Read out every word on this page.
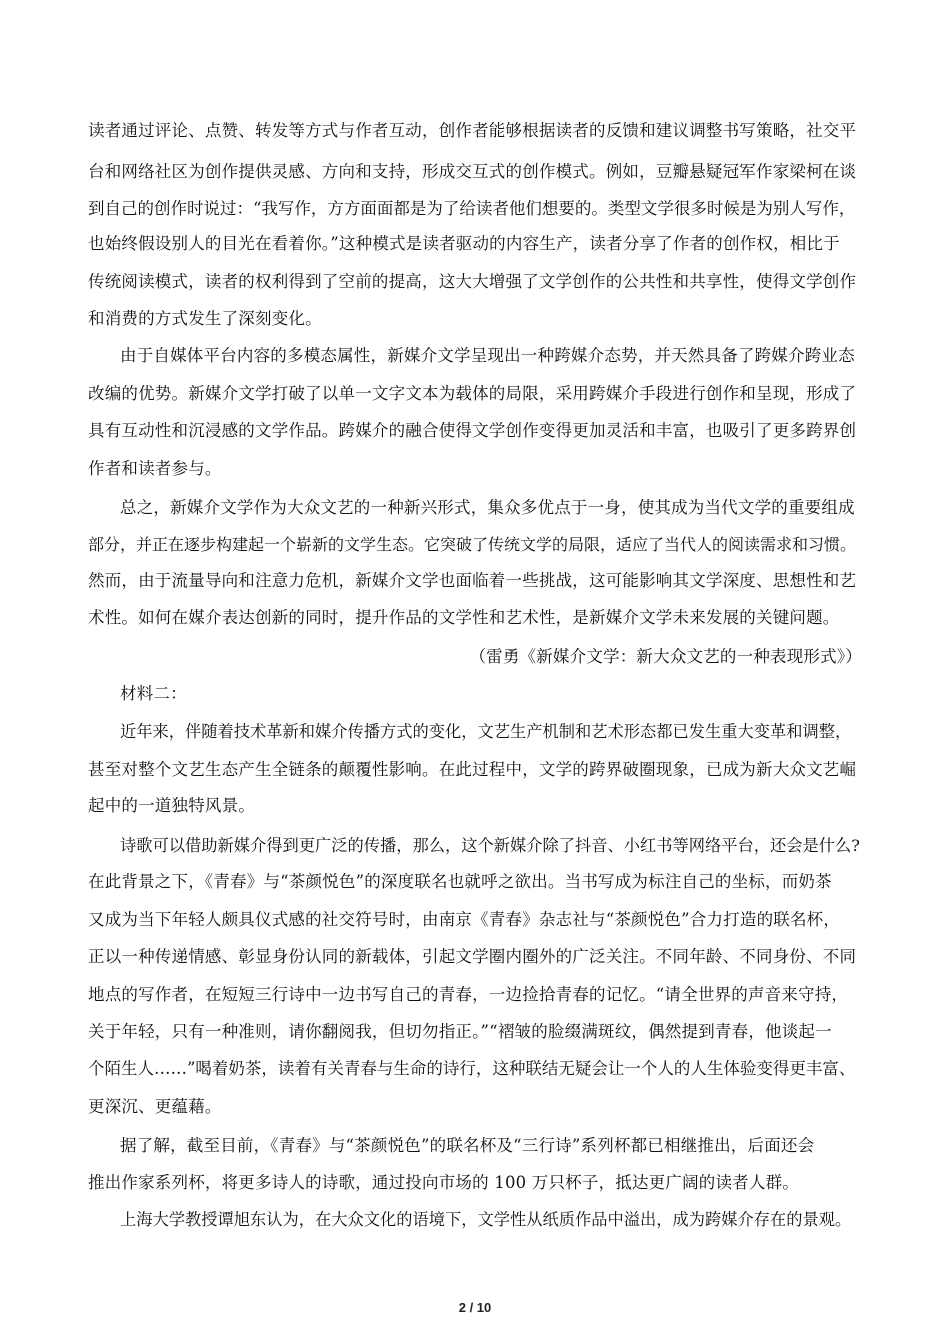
读者通过评论、点赞、转发等方式与作者互动，创作者能够根据读者的反馈和建议调整书写策略，社交平
台和网络社区为创作提供灵感、方向和支持，形成交互式的创作模式。例如，豆瓣悬疑冠军作家梁柯在谈
到自己的创作时说过：“我写作，方方面面都是为了给读者他们想要的。类型文学很多时候是为别人写作，
也始终假设别人的目光在看着你。”这种模式是读者驱动的内容生产，读者分享了作者的创作权，相比于
传统阅读模式，读者的权利得到了空前的提高，这大大增强了文学创作的公共性和共享性，使得文学创作
和消费的方式发生了深刻变化。
由于自媒体平台内容的多模态属性，新媒介文学呈现出一种跨媒介态势，并天然具备了跨媒介跨业态
改编的优势。新媒介文学打破了以单一文字文本为载体的局限，采用跨媒介手段进行创作和呈现，形成了
具有互动性和沉浸感的文学作品。跨媒介的融合使得文学创作变得更加灵活和丰富，也吸引了更多跨界创
作者和读者参与。
总之，新媒介文学作为大众文艺的一种新兴形式，集众多优点于一身，使其成为当代文学的重要组成
部分，并正在逐步构建起一个崭新的文学生态。它突破了传统文学的局限，适应了当代人的阅读需求和习惯。
然而，由于流量导向和注意力危机，新媒介文学也面临着一些挑战，这可能影响其文学深度、思想性和艺
术性。如何在媒介表达创新的同时，提升作品的文学性和艺术性，是新媒介文学未来发展的关键问题。
（雷勇《新媒介文学：新大众文艺的一种表现形式》）
材料二：
近年来，伴随着技术革新和媒介传播方式的变化，文艺生产机制和艺术形态都已发生重大变革和调整，
甚至对整个文艺生态产生全链条的颠覆性影响。在此过程中，文学的跨界破圈现象，已成为新大众文艺崛
起中的一道独特风景。
诗歌可以借助新媒介得到更广泛的传播，那么，这个新媒介除了抖音、小红书等网络平台，还会是什么?
在此背景之下，《青春》与“茶颜悦色”的深度联名也就呼之欲出。当书写成为标注自己的坐标，而奶茶
又成为当下年轻人颇具仪式感的社交符号时，由南京《青春》杂志社与“茶颜悦色”合力打造的联名杯，
正以一种传递情感、彰显身份认同的新载体，引起文学圈内圈外的广泛关注。不同年龄、不同身份、不同
地点的写作者，在短短三行诗中一边书写自己的青春，一边捡拾青春的记忆。“请全世界的声音来守持，
关于年轻，只有一种准则，请你翻阅我，但切勿指正。”“褶皱的脸缀满斑纹，偶然提到青春，他谈起一
个陌生人……”喝着奶茶，读着有关青春与生命的诗行，这种联结无疑会让一个人的人生体验变得更丰富、
更深沉、更蕴藉。
据了解，截至目前，《青春》与“茶颜悦色”的联名杯及“三行诗”系列杯都已相继推出，后面还会
推出作家系列杯，将更多诗人的诗歌，通过投向市场的 100 万只杯子，抵达更广阔的读者人群。
上海大学教授谭旭东认为，在大众文化的语境下，文学性从纸质作品中溢出，成为跨媒介存在的景观。
2 / 10
